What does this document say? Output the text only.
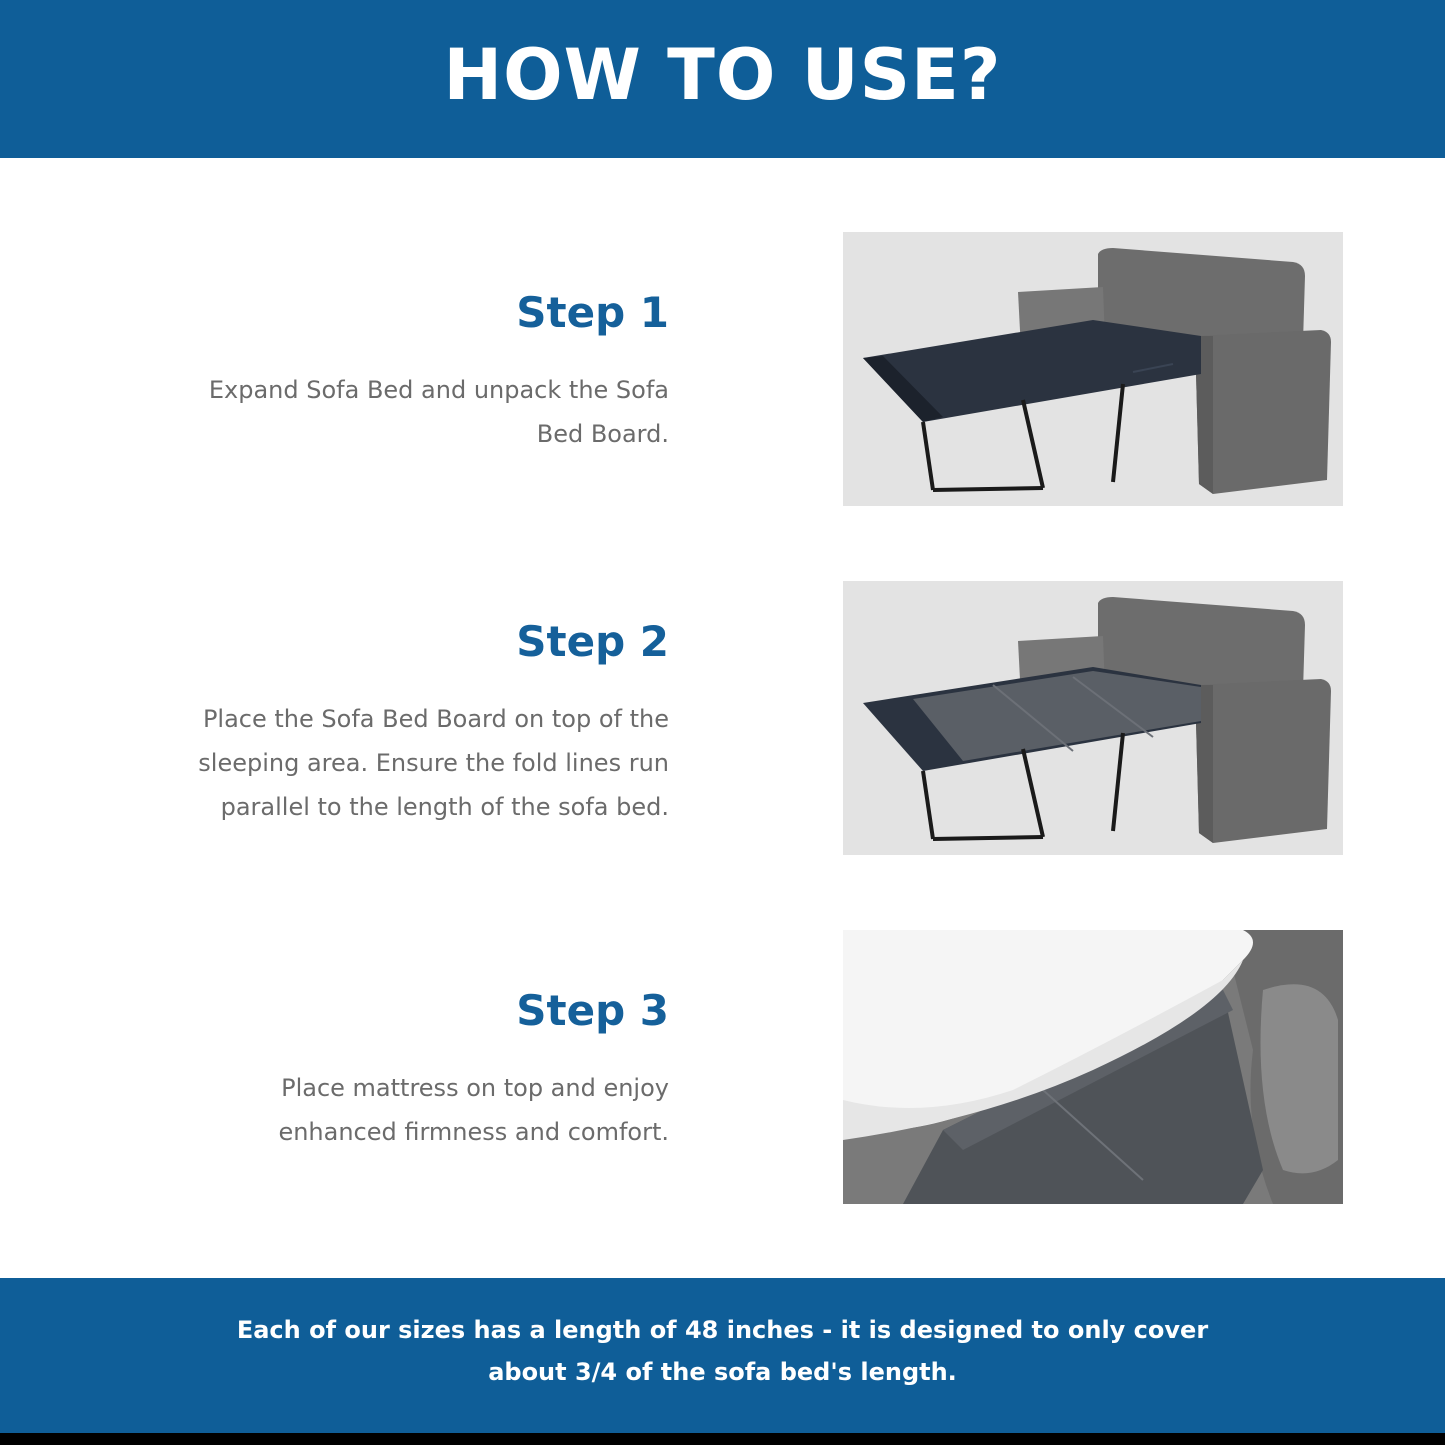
HOW TO USE?
Step 1
Expand Sofa Bed and unpack the Sofa
Bed Board.
Step 2
Place the Sofa Bed Board on top of the
sleeping area. Ensure the fold lines run
parallel to the length of the sofa bed.
Step 3
Place mattress on top and enjoy
enhanced firmness and comfort.
Each of our sizes has a length of 48 inches - it is designed to only cover
about 3/4 of the sofa bed's length.
